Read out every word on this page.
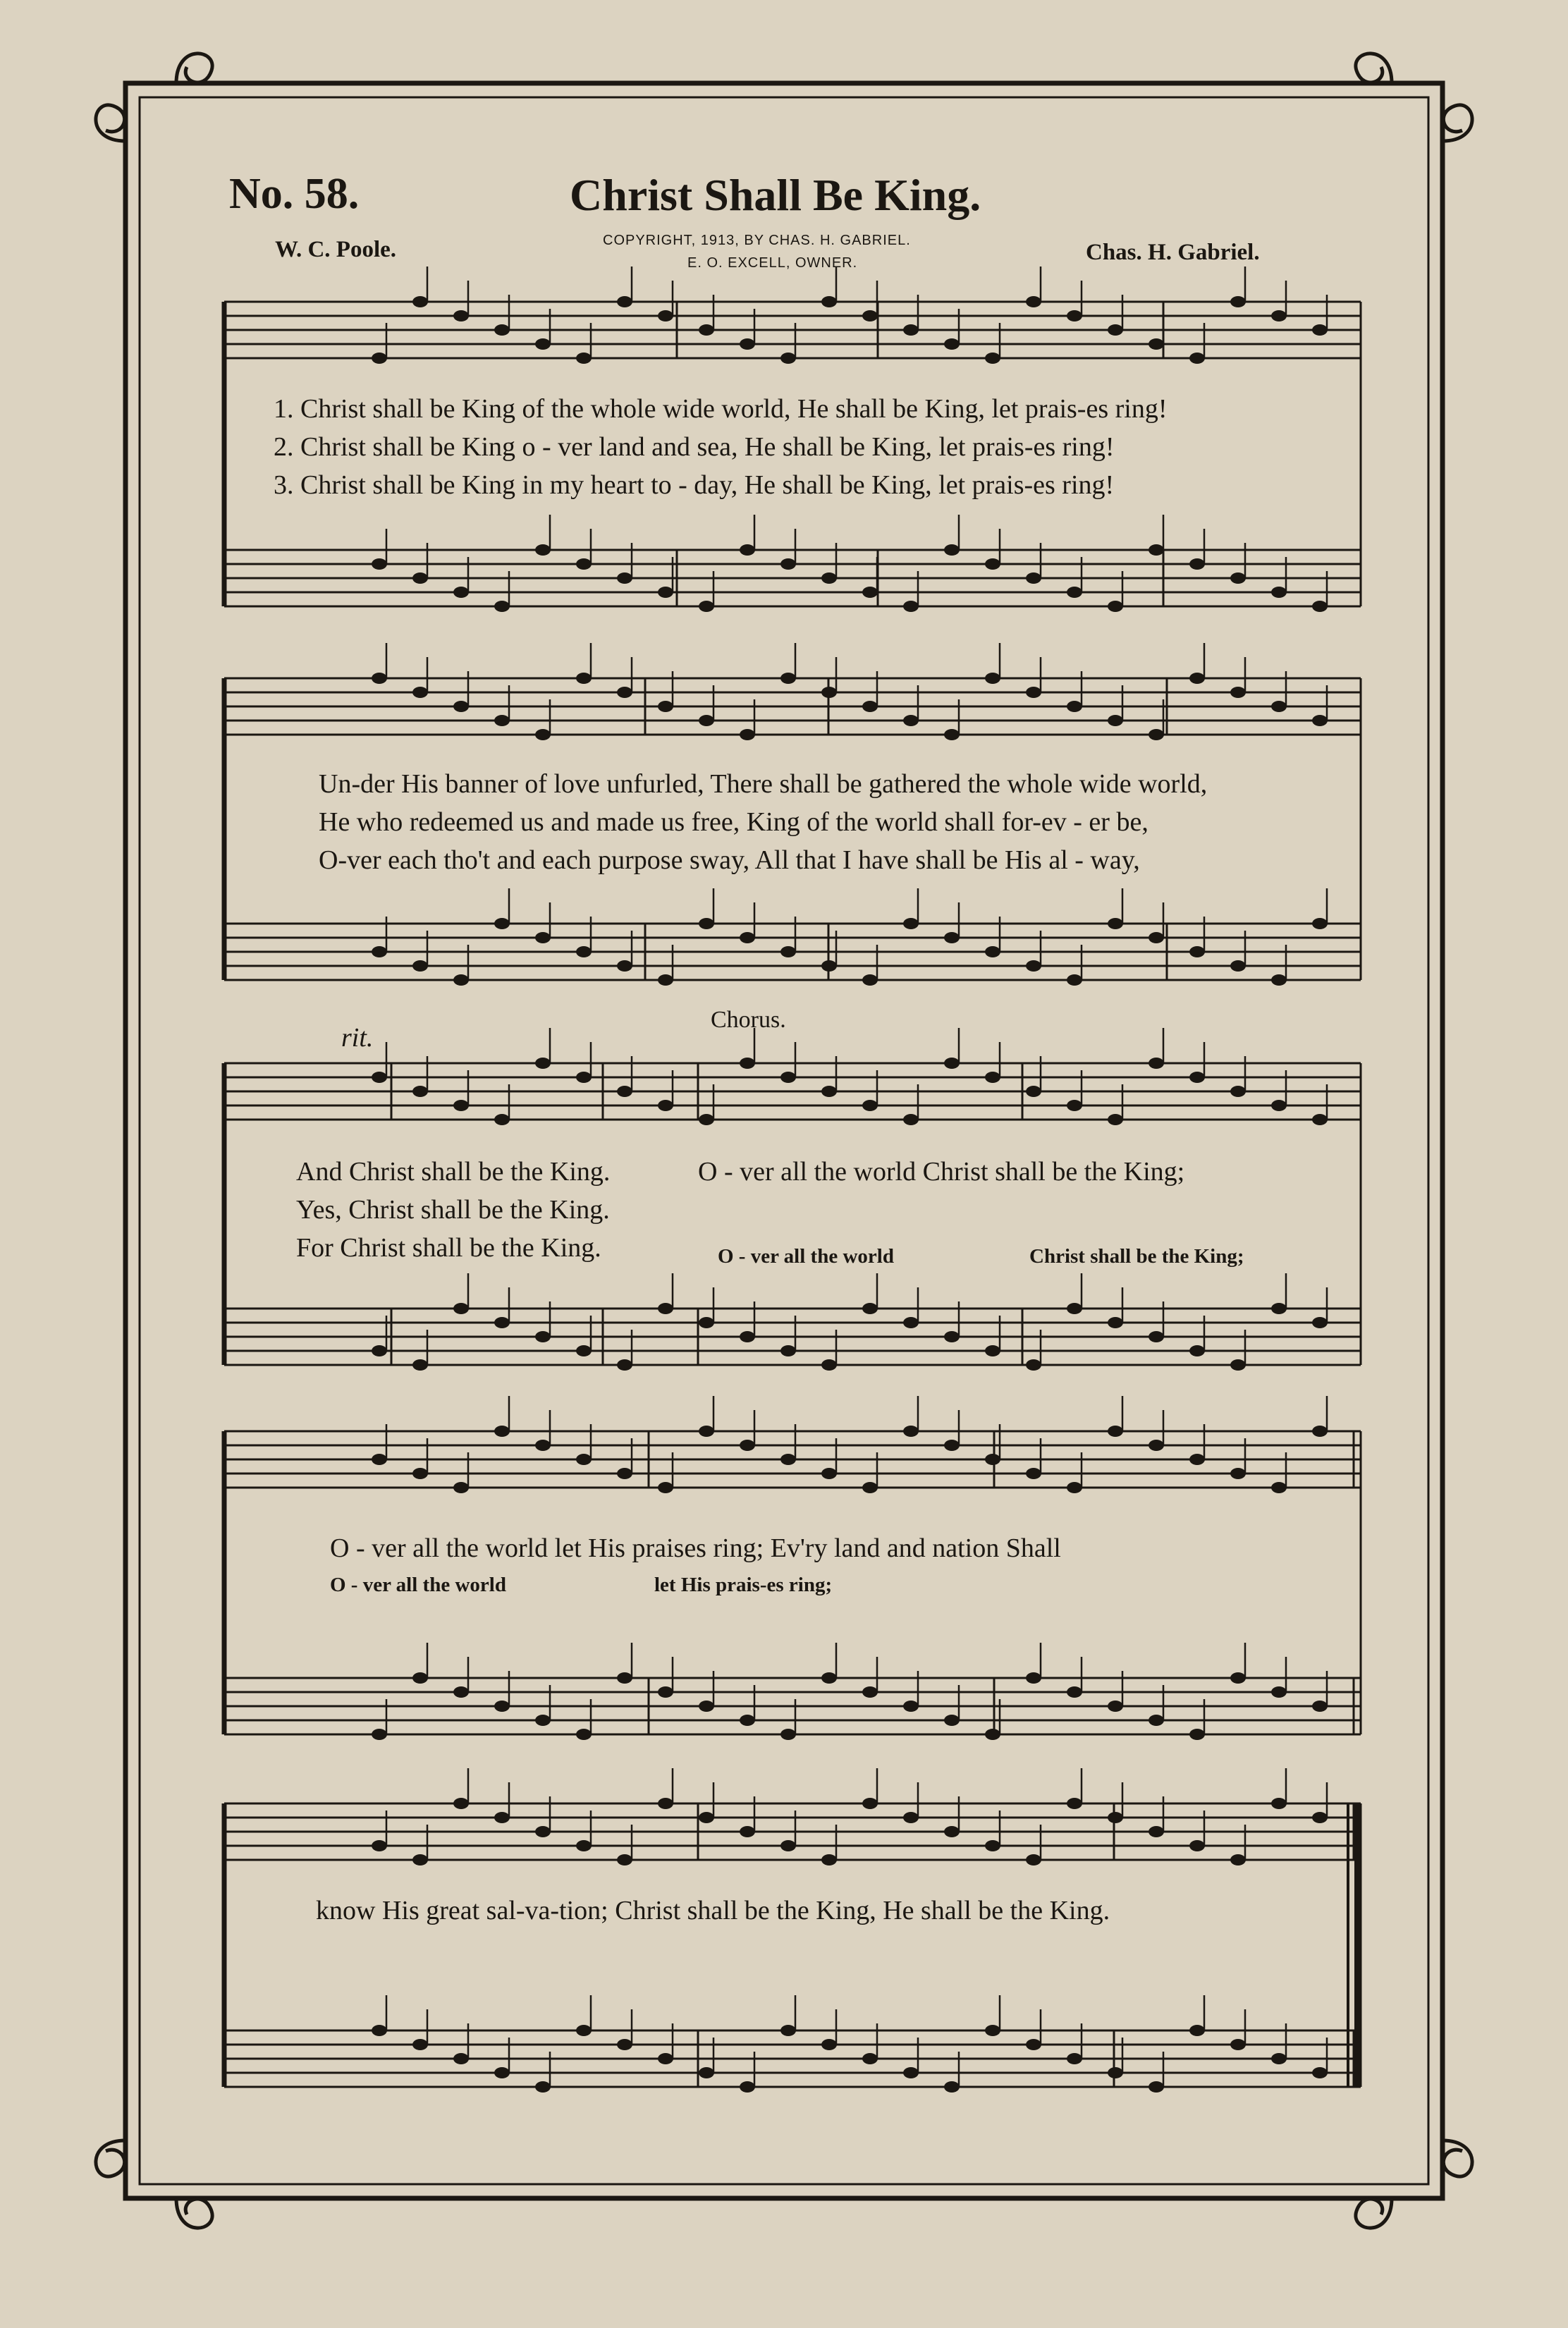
No. 58.	Christ Shall Be King.
W. C. Poole.	Chas. H. Gabriel.
COPYRIGHT, 1913, BY CHAS. H. GABRIEL.
E. O. EXCELL, OWNER.
1. Christ shall be King of the whole wide world, He shall be King, let prais-es ring!
2. Christ shall be King o - ver land and sea, He shall be King, let prais-es ring!
3. Christ shall be King in my heart to - day, He shall be King, let prais-es ring!
Un-der His banner of love unfurled, There shall be gathered the whole wide world,
He who redeemed us and made us free, King of the world shall for-ev - er be,
O-ver each tho't and each purpose sway, All that I have shall be His al - way,
rit.
Chorus.
And Christ shall be the King.
Yes, Christ shall be the King.
For Christ shall be the King.
O - ver all the world Christ shall be the King;
O - ver all the world	Christ shall be the King;
O - ver all the world let His praises ring; Ev'ry land and nation Shall
O - ver all the world	let His prais-es ring;
know His great sal-va-tion; Christ shall be the King, He shall be the King.
